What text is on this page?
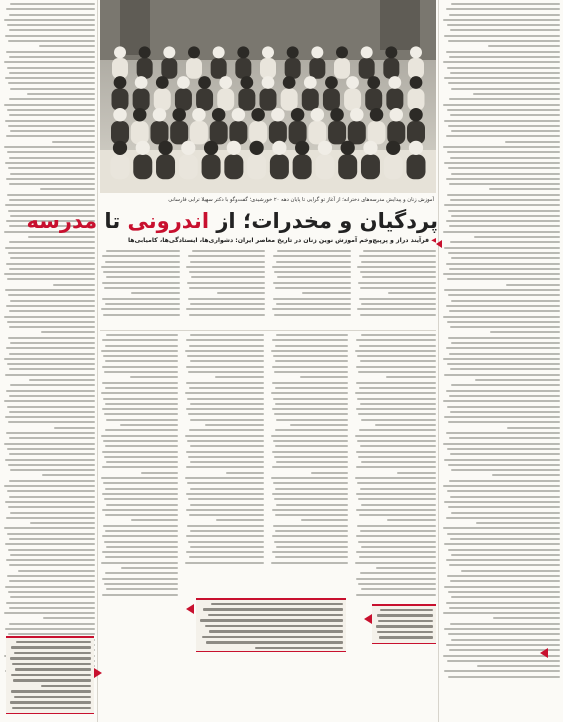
آموزش زنان و پیدایش مدرسه‌های دخترانه؛ از آغاز تو گرایی تا پایان دهه ۲۰ خورشیدی؛ گفت‌وگو با دکتر سهیلا ترابی فارسانی
پردگیان و مخدرات؛ از اندرونی تا مدرسه
◀ فرآیند دراز و پرپیچ‌وخم آموزش نوین زنان در تاریخ معاصر ایران: دشواری‌ها، ایستادگی‌ها، کامیابی‌ها
